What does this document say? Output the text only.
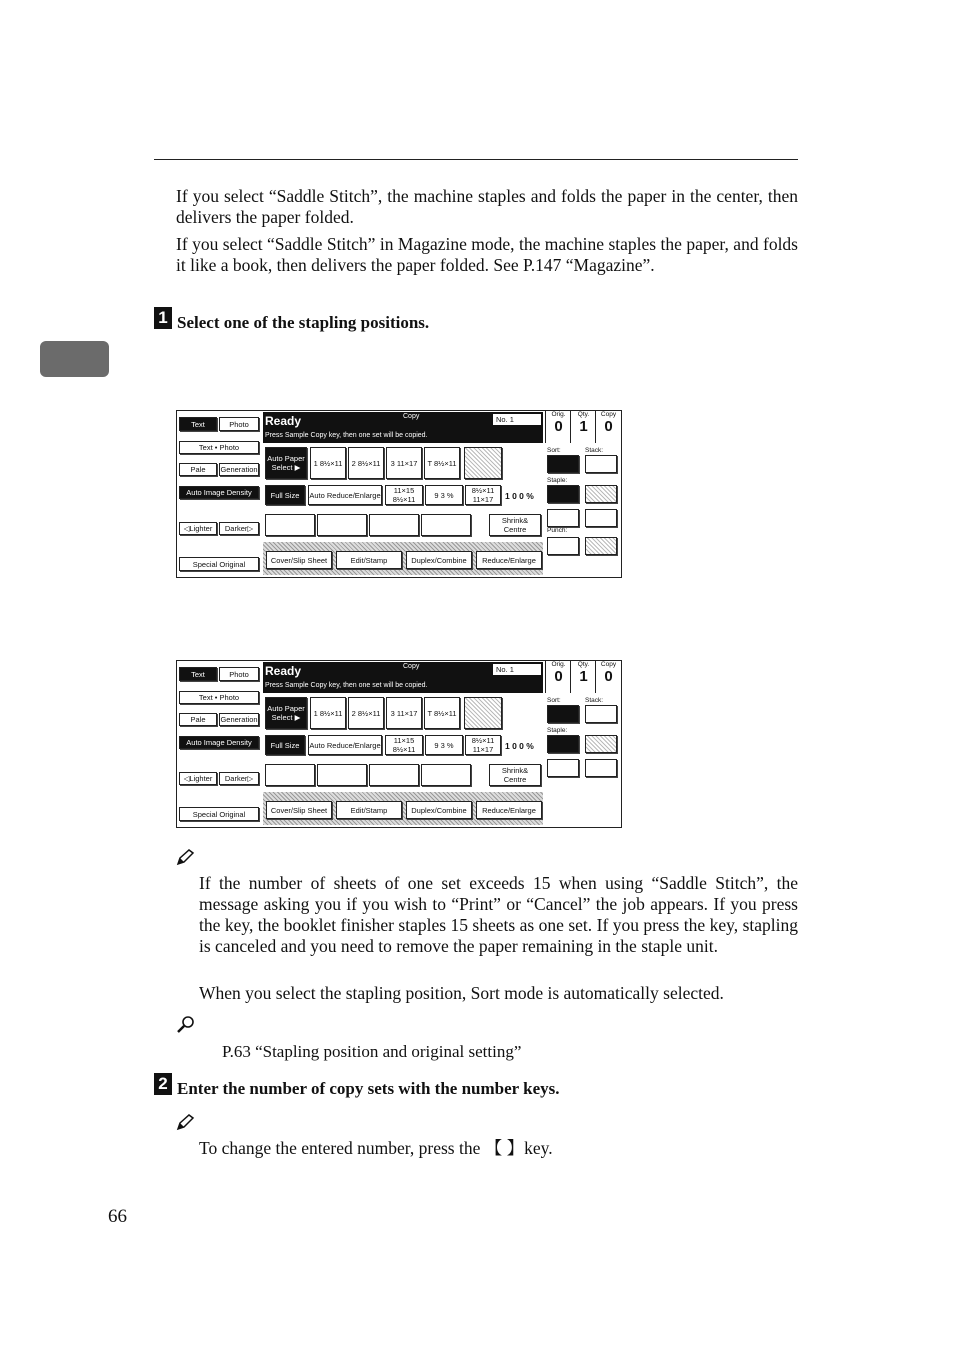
If you select “Saddle Stitch”, the machine staples and folds the paper in the center, then delivers the paper folded.
If you select “Saddle Stitch” in Magazine mode, the machine staples the paper, and folds it like a book, then delivers the paper folded. See P.147 “Magazine”.
1 Select one of the stapling positions.
Text	Photo
Text • Photo
Pale	Generation
Auto Image Density
◁Lighter	Darker▷
Special Original
Ready	Copy	No. 1
Press Sample Copy key, then one set will be copied.
Orig.
0
Qty.
1
Copy
0
Auto Paper Select ▶	1 8½×11	2 8½×11	3 11×17	T 8½×11
Full Size	Auto Reduce/Enlarge	11×15 8½×11	9 3 %	8½×11 11×17	1 0 0 %
Shrink& Centre
Cover/Slip Sheet	Edit/Stamp	Duplex/Combine	Reduce/Enlarge
Sort:	Stack:
Staple:
Punch:
Text	Photo
Text • Photo
Pale	Generation
Auto Image Density
◁Lighter	Darker▷
Special Original
Ready	Copy	No. 1
Press Sample Copy key, then one set will be copied.
Orig.
0
Qty.
1
Copy
0
Auto Paper Select ▶	1 8½×11	2 8½×11	3 11×17	T 8½×11
Full Size	Auto Reduce/Enlarge	11×15 8½×11	9 3 %	8½×11 11×17	1 0 0 %
Shrink& Centre
Cover/Slip Sheet	Edit/Stamp	Duplex/Combine	Reduce/Enlarge
Sort:	Stack:
Staple:
If the number of sheets of one set exceeds 15 when using “Saddle Stitch”, the message asking you if you wish to “Print” or “Cancel” the job appears. If you press the key, the booklet finisher staples 15 sheets as one set. If you press the key, stapling is canceled and you need to remove the paper remaining in the staple unit.
When you select the stapling position, Sort mode is automatically selected.
P.63 “Stapling position and original setting”
2 Enter the number of copy sets with the number keys.
To change the entered number, press the 【 】key.
66
